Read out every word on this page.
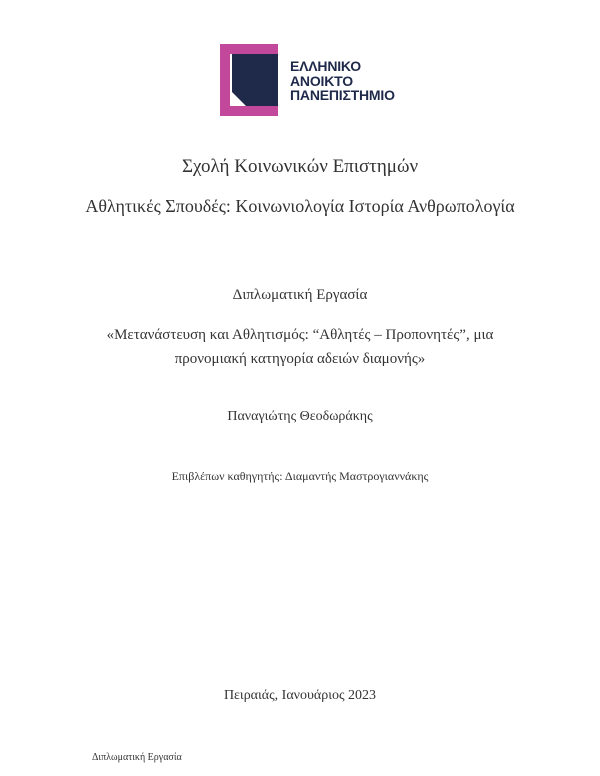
ΕΛΛΗΝΙΚΟ
ΑΝΟΙΚΤΟ
ΠΑΝΕΠΙΣΤΗΜΙΟ
Σχολή Κοινωνικών Επιστημών
Αθλητικές Σπουδές: Κοινωνιολογία Ιστορία Ανθρωπολογία
Διπλωματική Εργασία
«Μετανάστευση και Αθλητισμός: “Αθλητές – Προπονητές”, μια
προνομιακή κατηγορία αδειών διαμονής»
Παναγιώτης Θεοδωράκης
Επιβλέπων καθηγητής: Διαμαντής Μαστρογιαννάκης
Πειραιάς, Ιανουάριος 2023
Διπλωματική Εργασία
